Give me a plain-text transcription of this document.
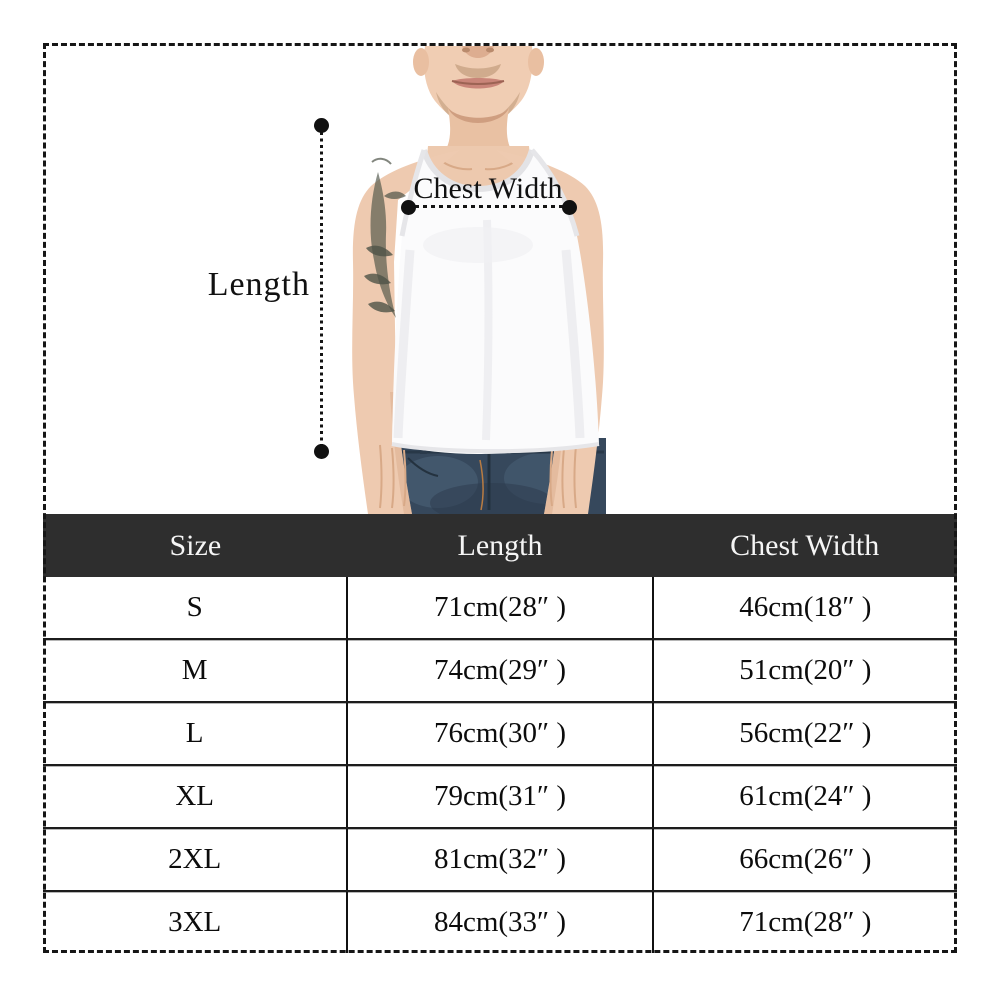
Length
Chest Width
Size	Length	Chest Width
S	71cm(28″ )	46cm(18″ )
M	74cm(29″ )	51cm(20″ )
L	76cm(30″ )	56cm(22″ )
XL	79cm(31″ )	61cm(24″ )
2XL	81cm(32″ )	66cm(26″ )
3XL	84cm(33″ )	71cm(28″ )
